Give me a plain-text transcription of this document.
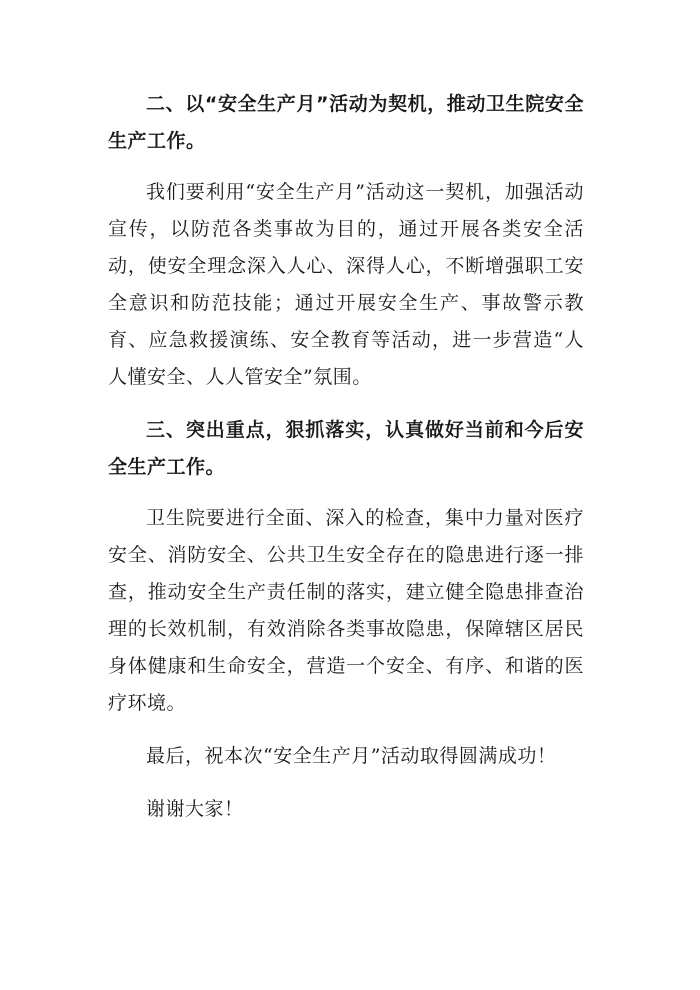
二、以“安全生产月”活动为契机，推动卫生院安全生产工作。

我们要利用“安全生产月”活动这一契机，加强活动宣传，以防范各类事故为目的，通过开展各类安全活动，使安全理念深入人心、深得人心，不断增强职工安全意识和防范技能；通过开展安全生产、事故警示教育、应急救援演练、安全教育等活动，进一步营造“人人懂安全、人人管安全”氛围。

三、突出重点，狠抓落实，认真做好当前和今后安全生产工作。

卫生院要进行全面、深入的检查，集中力量对医疗安全、消防安全、公共卫生安全存在的隐患进行逐一排查，推动安全生产责任制的落实，建立健全隐患排查治理的长效机制，有效消除各类事故隐患，保障辖区居民身体健康和生命安全，营造一个安全、有序、和谐的医疗环境。

最后，祝本次“安全生产月”活动取得圆满成功！

谢谢大家！
